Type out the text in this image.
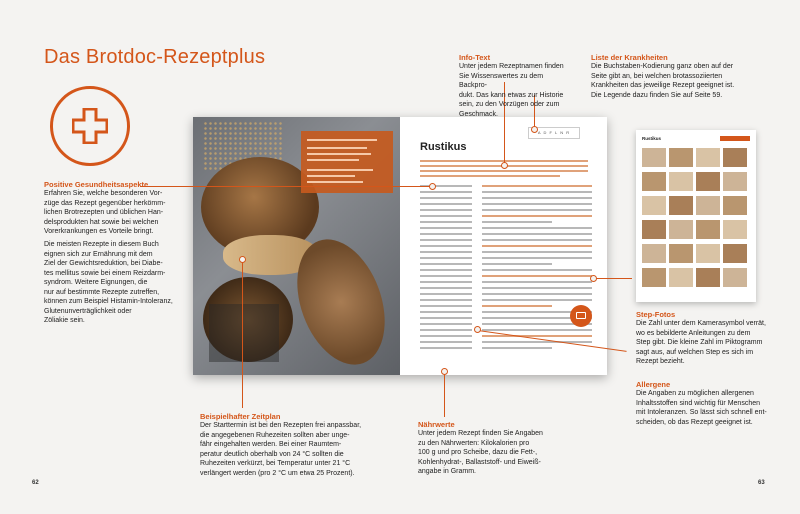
Das Brotdoc-Rezeptplus
A D F L N R
Rustikus
Rustikus
Positive Gesundheitsaspekte
Erfahren Sie, welche besonderen Vor-
züge das Rezept gegenüber herkömm-
lichen Brotrezepten und üblichen Han-
delsprodukten hat sowie bei welchen
Vorerkrankungen es Vorteile bringt.
Die meisten Rezepte in diesem Buch
eignen sich zur Ernährung mit dem
Ziel der Gewichtsreduktion, bei Diabe-
tes mellitus sowie bei einem Reizdarm-
syndrom. Weitere Eignungen, die
nur auf bestimmte Rezepte zutreffen,
können zum Beispiel Histamin-Intoleranz,
Glutenunverträglichkeit oder
Zöliakie sein.
Info-Text
Unter jedem Rezeptnamen finden
Sie Wissenswertes zu dem Backpro-
dukt. Das kann etwas zur Historie
sein, zu den Vorzügen oder zum
Geschmack.
Liste der Krankheiten
Die Buchstaben-Kodierung ganz oben auf der
Seite gibt an, bei welchen brotassoziierten
Krankheiten das jeweilige Rezept geeignet ist.
Die Legende dazu finden Sie auf Seite 59.
Step-Fotos
Die Zahl unter dem Kamerasymbol verrät,
wo es bebilderte Anleitungen zu dem
Step gibt. Die kleine Zahl im Piktogramm
sagt aus, auf welchen Step es sich im
Rezept bezieht.
Allergene
Die Angaben zu möglichen allergenen
Inhaltsstoffen sind wichtig für Menschen
mit Intoleranzen. So lässt sich schnell ent-
scheiden, ob das Rezept geeignet ist.
Beispielhafter Zeitplan
Der Starttermin ist bei den Rezepten frei anpassbar,
die angegebenen Ruhezeiten sollten aber unge-
fähr eingehalten werden. Bei einer Raumtem-
peratur deutlich oberhalb von 24 °C sollten die
Ruhezeiten verkürzt, bei Temperatur unter 21 °C
verlängert werden (pro 2 °C um etwa 25 Prozent).
Nährwerte
Unter jedem Rezept finden Sie Angaben
zu den Nährwerten: Kilokalorien pro
100 g und pro Scheibe, dazu die Fett-,
Kohlenhydrat-, Ballaststoff- und Eiweiß-
angabe in Gramm.
62	63
